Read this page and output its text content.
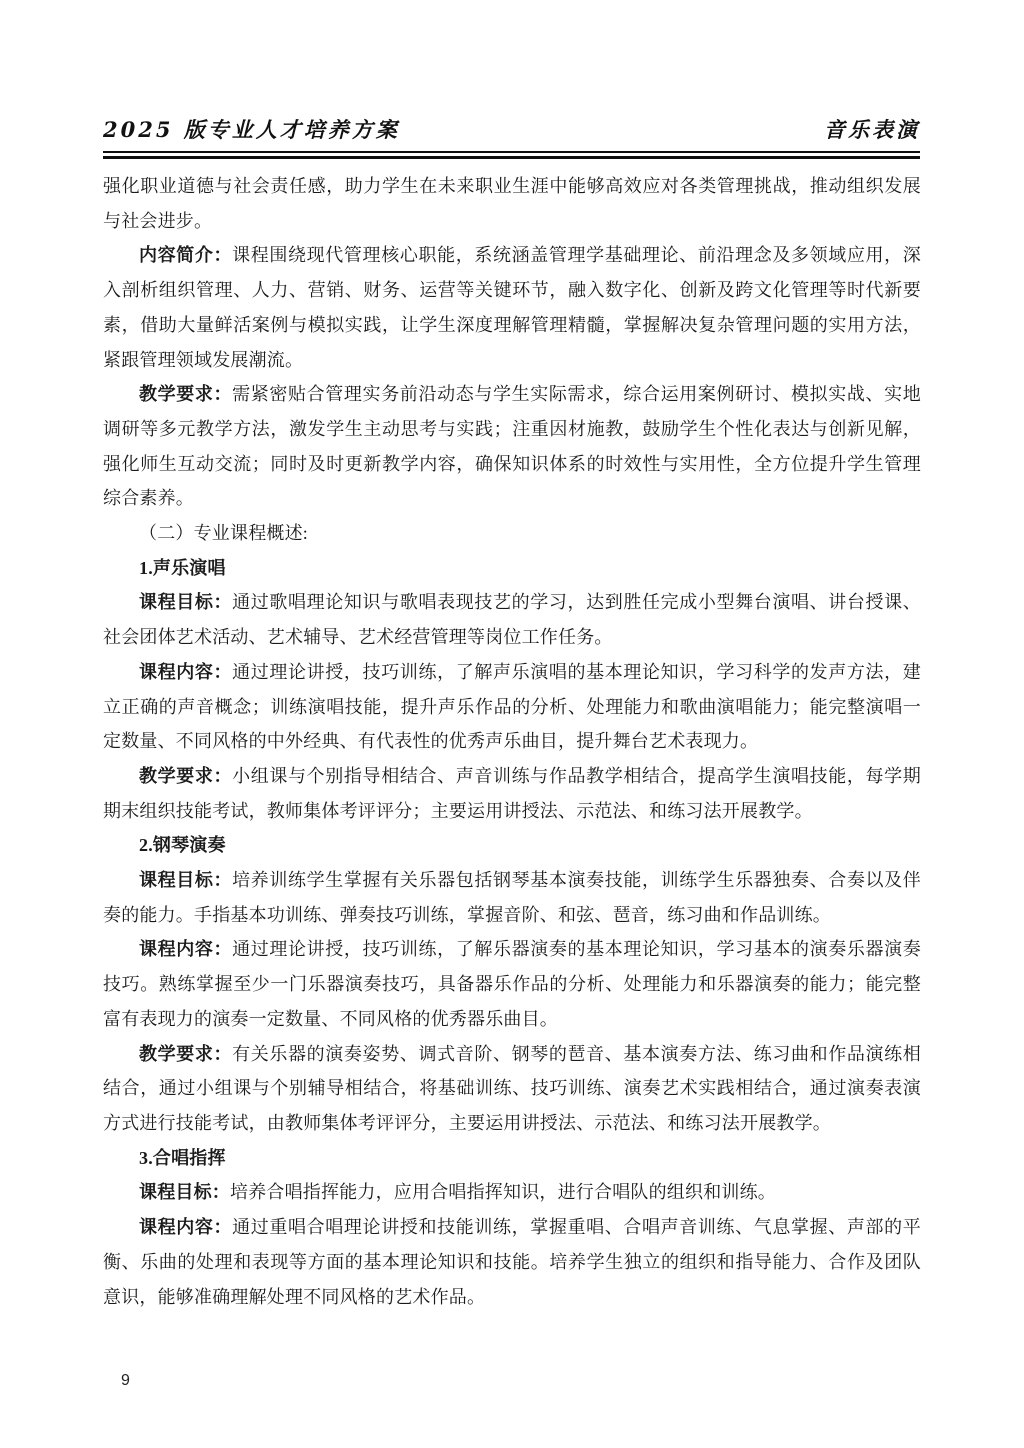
2025 版专业人才培养方案	音乐表演

强化职业道德与社会责任感，助力学生在未来职业生涯中能够高效应对各类管理挑战，推动组织发展与社会进步。

内容简介：课程围绕现代管理核心职能，系统涵盖管理学基础理论、前沿理念及多领域应用，深入剖析组织管理、人力、营销、财务、运营等关键环节，融入数字化、创新及跨文化管理等时代新要素，借助大量鲜活案例与模拟实践，让学生深度理解管理精髓，掌握解决复杂管理问题的实用方法，紧跟管理领域发展潮流。

教学要求：需紧密贴合管理实务前沿动态与学生实际需求，综合运用案例研讨、模拟实战、实地调研等多元教学方法，激发学生主动思考与实践；注重因材施教，鼓励学生个性化表达与创新见解，强化师生互动交流；同时及时更新教学内容，确保知识体系的时效性与实用性，全方位提升学生管理综合素养。

（二）专业课程概述:

1.声乐演唱

课程目标：通过歌唱理论知识与歌唱表现技艺的学习，达到胜任完成小型舞台演唱、讲台授课、社会团体艺术活动、艺术辅导、艺术经营管理等岗位工作任务。

课程内容：通过理论讲授，技巧训练，了解声乐演唱的基本理论知识，学习科学的发声方法，建立正确的声音概念；训练演唱技能，提升声乐作品的分析、处理能力和歌曲演唱能力；能完整演唱一定数量、不同风格的中外经典、有代表性的优秀声乐曲目，提升舞台艺术表现力。

教学要求：小组课与个别指导相结合、声音训练与作品教学相结合，提高学生演唱技能，每学期期末组织技能考试，教师集体考评评分；主要运用讲授法、示范法、和练习法开展教学。

2.钢琴演奏

课程目标：培养训练学生掌握有关乐器包括钢琴基本演奏技能，训练学生乐器独奏、合奏以及伴奏的能力。手指基本功训练、弹奏技巧训练，掌握音阶、和弦、琶音，练习曲和作品训练。

课程内容：通过理论讲授，技巧训练，了解乐器演奏的基本理论知识，学习基本的演奏乐器演奏技巧。熟练掌握至少一门乐器演奏技巧，具备器乐作品的分析、处理能力和乐器演奏的能力；能完整富有表现力的演奏一定数量、不同风格的优秀器乐曲目。

教学要求：有关乐器的演奏姿势、调式音阶、钢琴的琶音、基本演奏方法、练习曲和作品演练相结合，通过小组课与个别辅导相结合，将基础训练、技巧训练、演奏艺术实践相结合，通过演奏表演方式进行技能考试，由教师集体考评评分，主要运用讲授法、示范法、和练习法开展教学。

3.合唱指挥

课程目标：培养合唱指挥能力，应用合唱指挥知识，进行合唱队的组织和训练。

课程内容：通过重唱合唱理论讲授和技能训练，掌握重唱、合唱声音训练、气息掌握、声部的平衡、乐曲的处理和表现等方面的基本理论知识和技能。培养学生独立的组织和指导能力、合作及团队意识，能够准确理解处理不同风格的艺术作品。

9
